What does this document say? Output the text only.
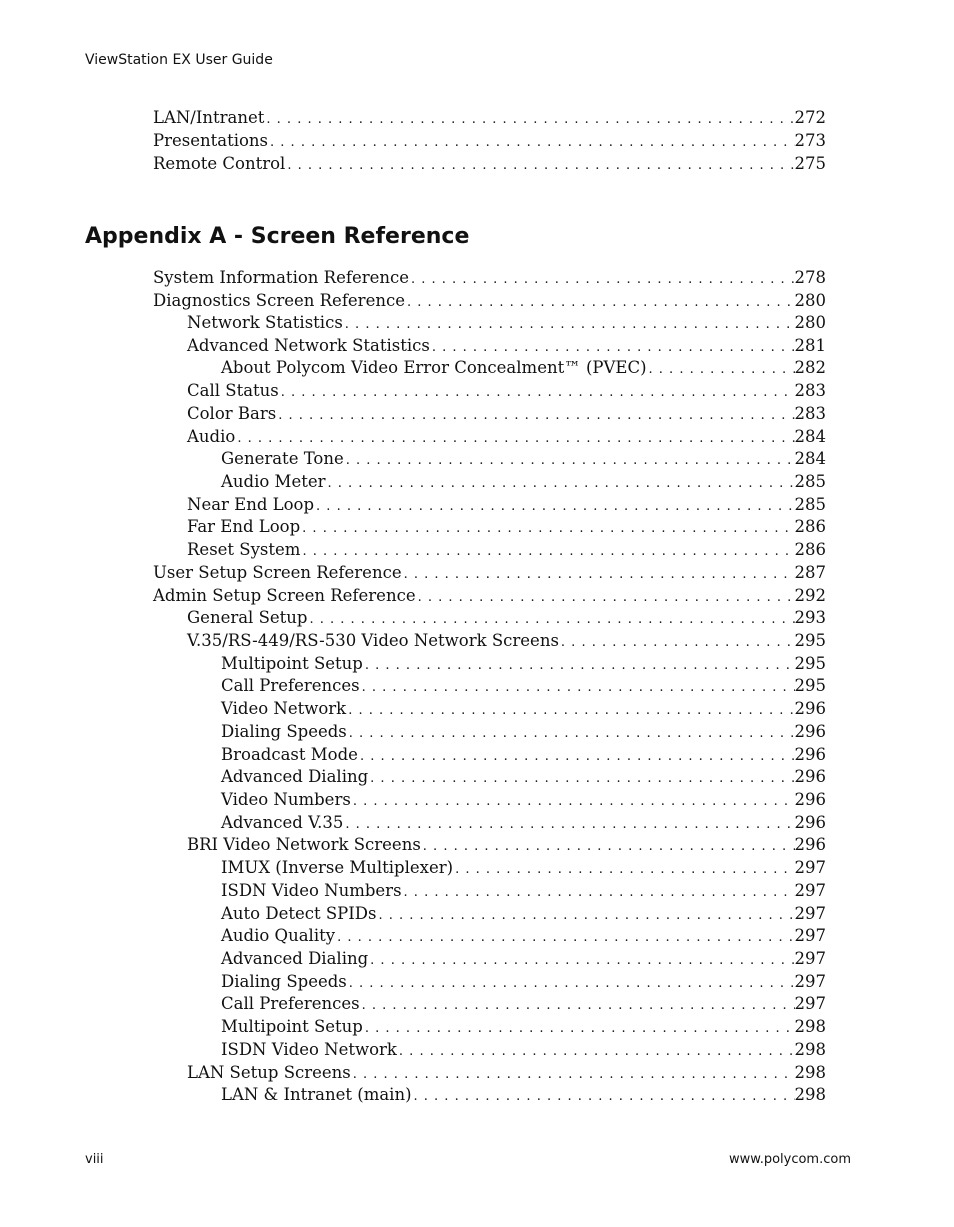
ViewStation EX User Guide
LAN/Intranet . . .	272
Presentations . . .	273
Remote Control . . .	275
Appendix A - Screen Reference
System Information Reference . . .	278
Diagnostics Screen Reference . . .	280
Network Statistics . . .	280
Advanced Network Statistics . . .	281
About Polycom Video Error Concealment™ (PVEC) . . .	282
Call Status . . .	283
Color Bars . . .	283
Audio . . .	284
Generate Tone . . .	284
Audio Meter . . .	285
Near End Loop . . .	285
Far End Loop . . .	286
Reset System . . .	286
User Setup Screen Reference . . .	287
Admin Setup Screen Reference . . .	292
General Setup . . .	293
V.35/RS-449/RS-530 Video Network Screens . . .	295
Multipoint Setup . . .	295
Call Preferences . . .	295
Video Network . . .	296
Dialing Speeds . . .	296
Broadcast Mode . . .	296
Advanced Dialing . . .	296
Video Numbers . . .	296
Advanced V.35 . . .	296
BRI Video Network Screens . . .	296
IMUX (Inverse Multiplexer) . . .	297
ISDN Video Numbers . . .	297
Auto Detect SPIDs . . .	297
Audio Quality . . .	297
Advanced Dialing . . .	297
Dialing Speeds . . .	297
Call Preferences . . .	297
Multipoint Setup . . .	298
ISDN Video Network . . .	298
LAN Setup Screens . . .	298
LAN & Intranet (main) . . .	298
viii	www.polycom.com
